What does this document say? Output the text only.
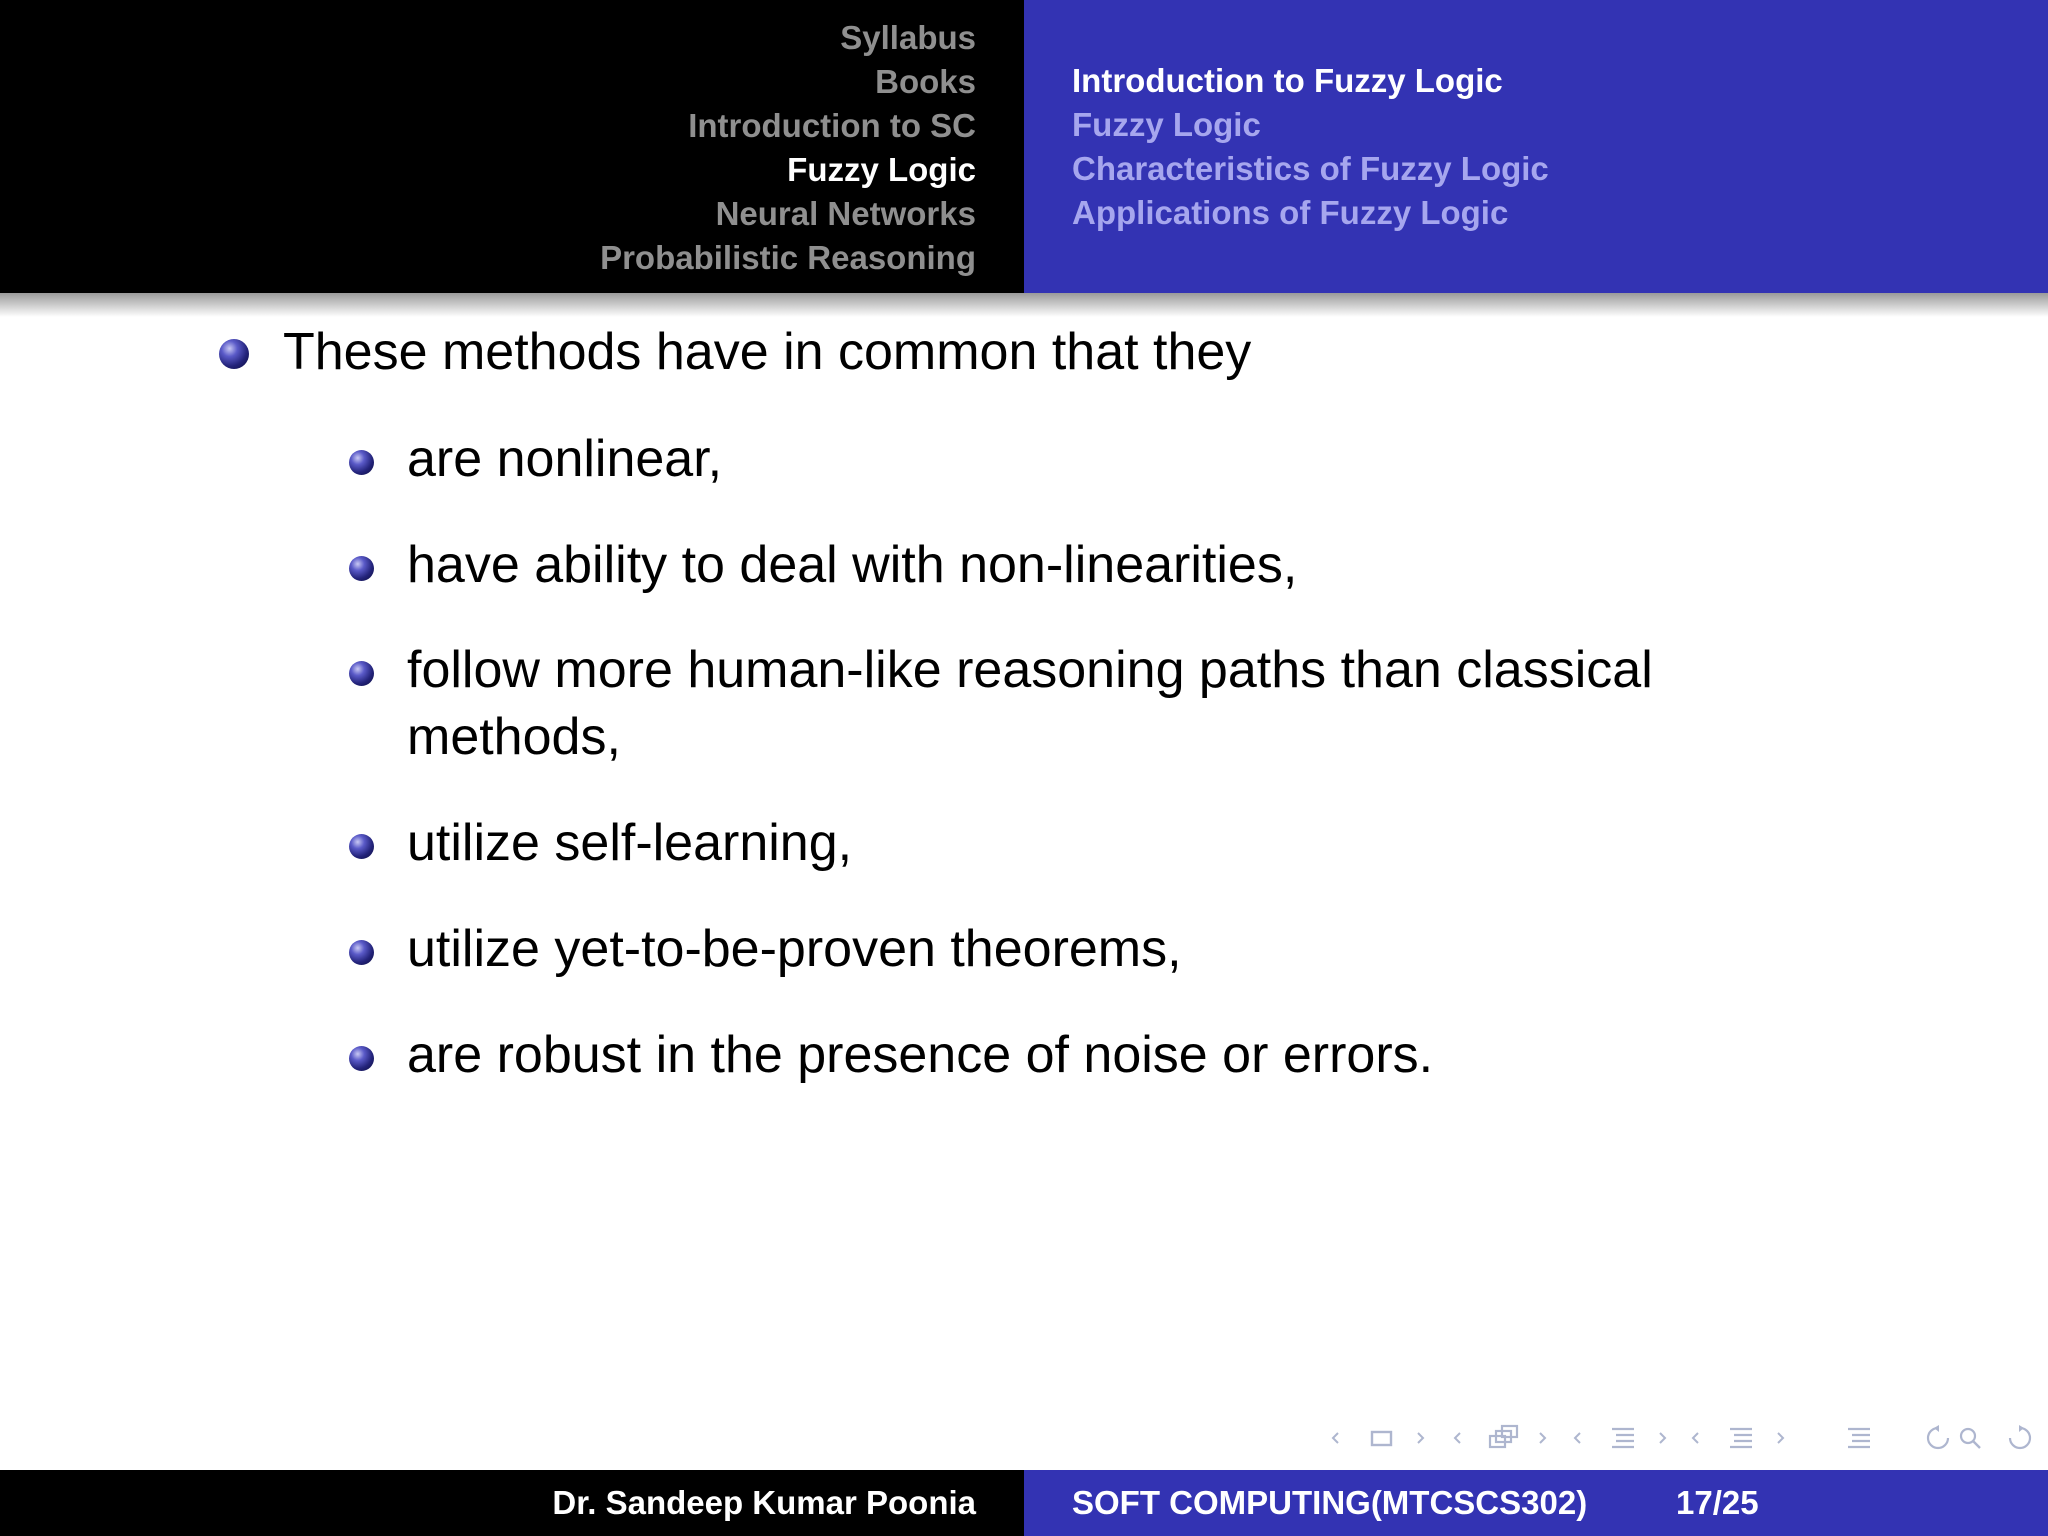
Syllabus
Books
Introduction to SC
Fuzzy Logic
Neural Networks
Probabilistic Reasoning
Introduction to Fuzzy Logic
Fuzzy Logic
Characteristics of Fuzzy Logic
Applications of Fuzzy Logic
These methods have in common that they
are nonlinear,
have ability to deal with non-linearities,
follow more human-like reasoning paths than classical
methods,
utilize self-learning,
utilize yet-to-be-proven theorems,
are robust in the presence of noise or errors.
Dr. Sandeep Kumar Poonia	SOFT COMPUTING(MTCSCS302)	17/25
